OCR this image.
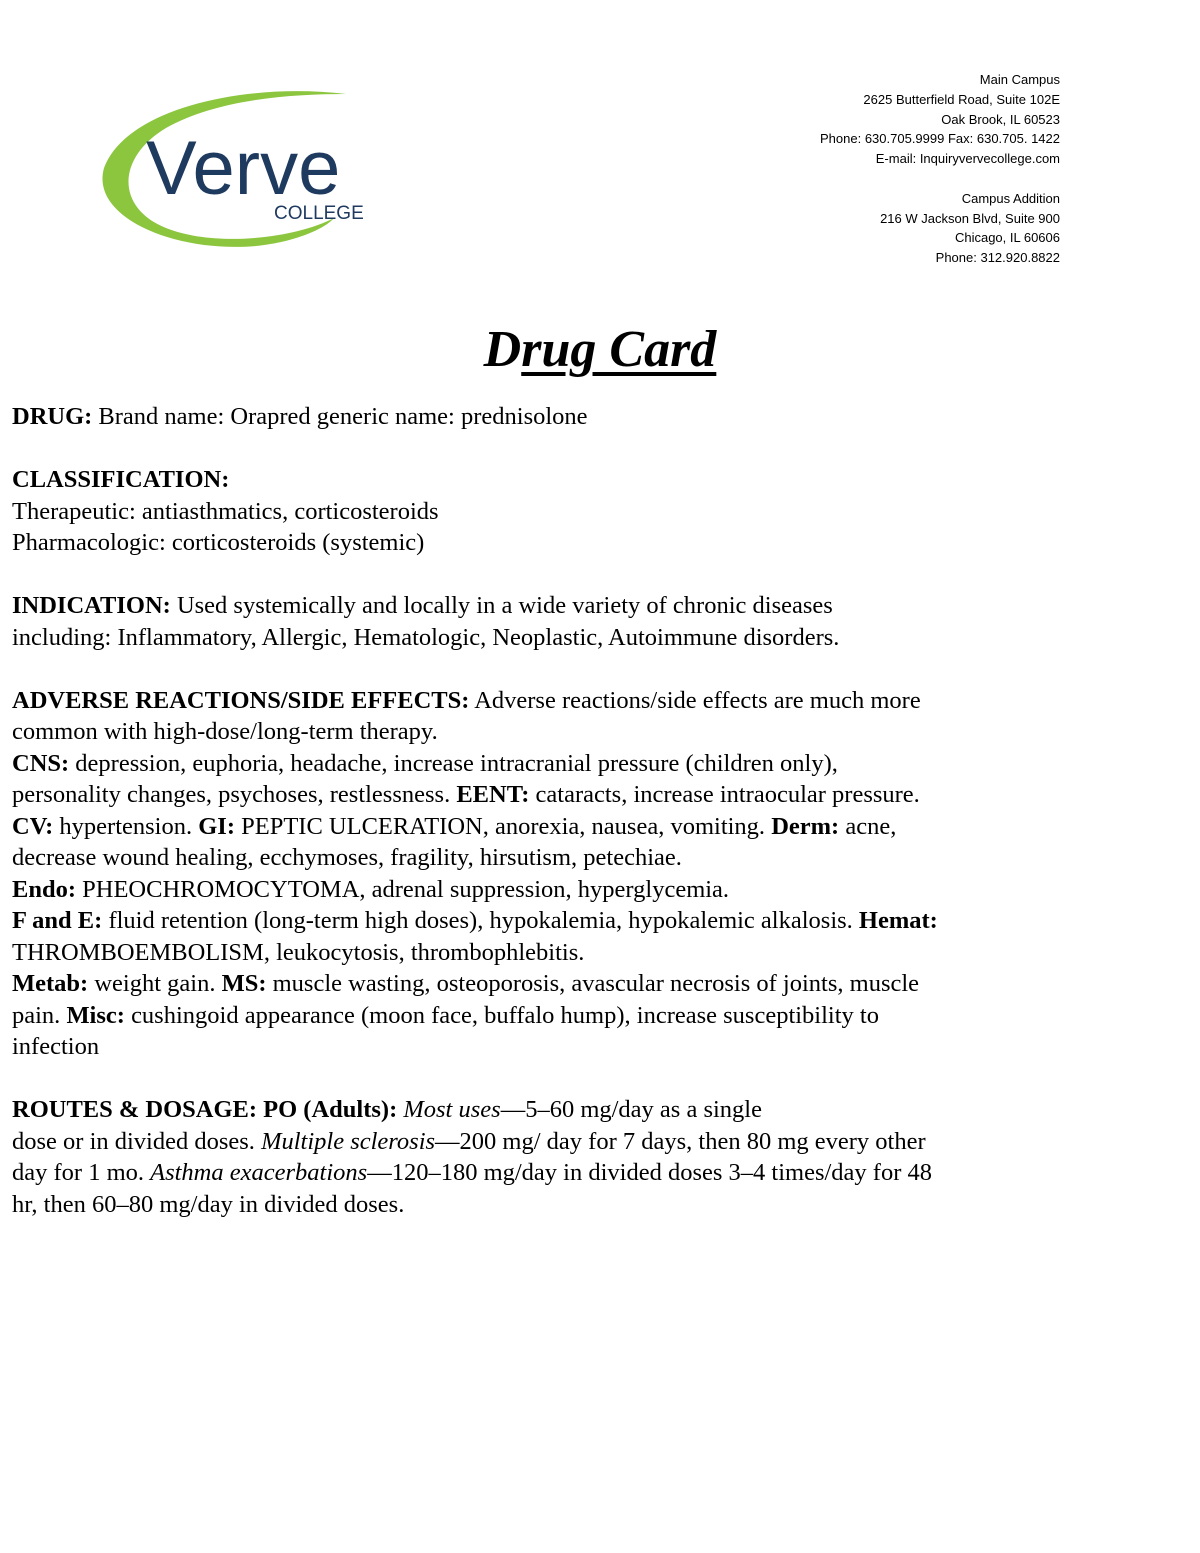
Verve
COLLEGE
Main Campus
2625 Butterfield Road, Suite 102E
Oak Brook, IL 60523
Phone: 630.705.9999 Fax: 630.705. 1422
E-mail: Inquiryvervecollege.com
Campus Addition
216 W Jackson Blvd, Suite 900
Chicago, IL 60606
Phone: 312.920.8822
Drug Card

DRUG: Brand name: Orapred generic name: prednisolone

CLASSIFICATION:

Therapeutic: antiasthmatics, corticosteroids

Pharmacologic: corticosteroids (systemic)

INDICATION: Used systemically and locally in a wide variety of chronic diseases

including: Inflammatory, Allergic, Hematologic, Neoplastic, Autoimmune disorders.

ADVERSE REACTIONS/SIDE EFFECTS: Adverse reactions/side effects are much more

common with high-dose/long-term therapy.

CNS: depression, euphoria, headache, increase intracranial pressure (children only),

personality changes, psychoses, restlessness. EENT: cataracts, increase intraocular pressure.

CV: hypertension. GI: PEPTIC ULCERATION, anorexia, nausea, vomiting. Derm: acne,

decrease wound healing, ecchymoses, fragility, hirsutism, petechiae.

Endo: PHEOCHROMOCYTOMA, adrenal suppression, hyperglycemia.

F and E: fluid retention (long-term high doses), hypokalemia, hypokalemic alkalosis. Hemat:

THROMBOEMBOLISM, leukocytosis, thrombophlebitis.

Metab: weight gain. MS: muscle wasting, osteoporosis, avascular necrosis of joints, muscle

pain. Misc: cushingoid appearance (moon face, buffalo hump), increase susceptibility to

infection

ROUTES & DOSAGE: PO (Adults): Most uses—5–60 mg/day as a single

dose or in divided doses. Multiple sclerosis—200 mg/ day for 7 days, then 80 mg every other

day for 1 mo. Asthma exacerbations—120–180 mg/day in divided doses 3–4 times/day for 48

hr, then 60–80 mg/day in divided doses.
